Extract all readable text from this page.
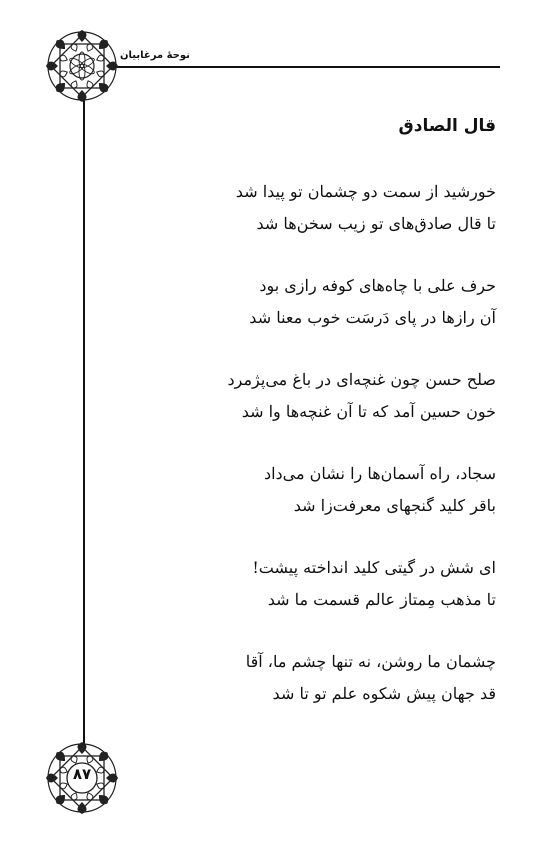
نوحهٔ مرغابیان
قال الصادق
خورشید از سمت دو چشمان تو پیدا شد
تا قال صادق‌های تو زیب سخن‌ها شد
حرف علی با چاه‌های کوفه رازی بود
آن رازها در پای دَرسَت خوب معنا شد
صلح حسن چون غنچه‌ای در باغ می‌پژمرد
خون حسین آمد که تا آن غنچه‌ها وا شد
سجاد، راه آسمان‌ها را نشان می‌داد
باقر کلید گنجهای معرفت‌زا شد
ای شش در گیتی کلید انداخته پیشت!
تا مذهب مِمتاز عالم قسمت ما شد
چشمان ما روشن، نه تنها چشم ما، آقا
قد جهان پیش شکوه علم تو تا شد
۸۷
